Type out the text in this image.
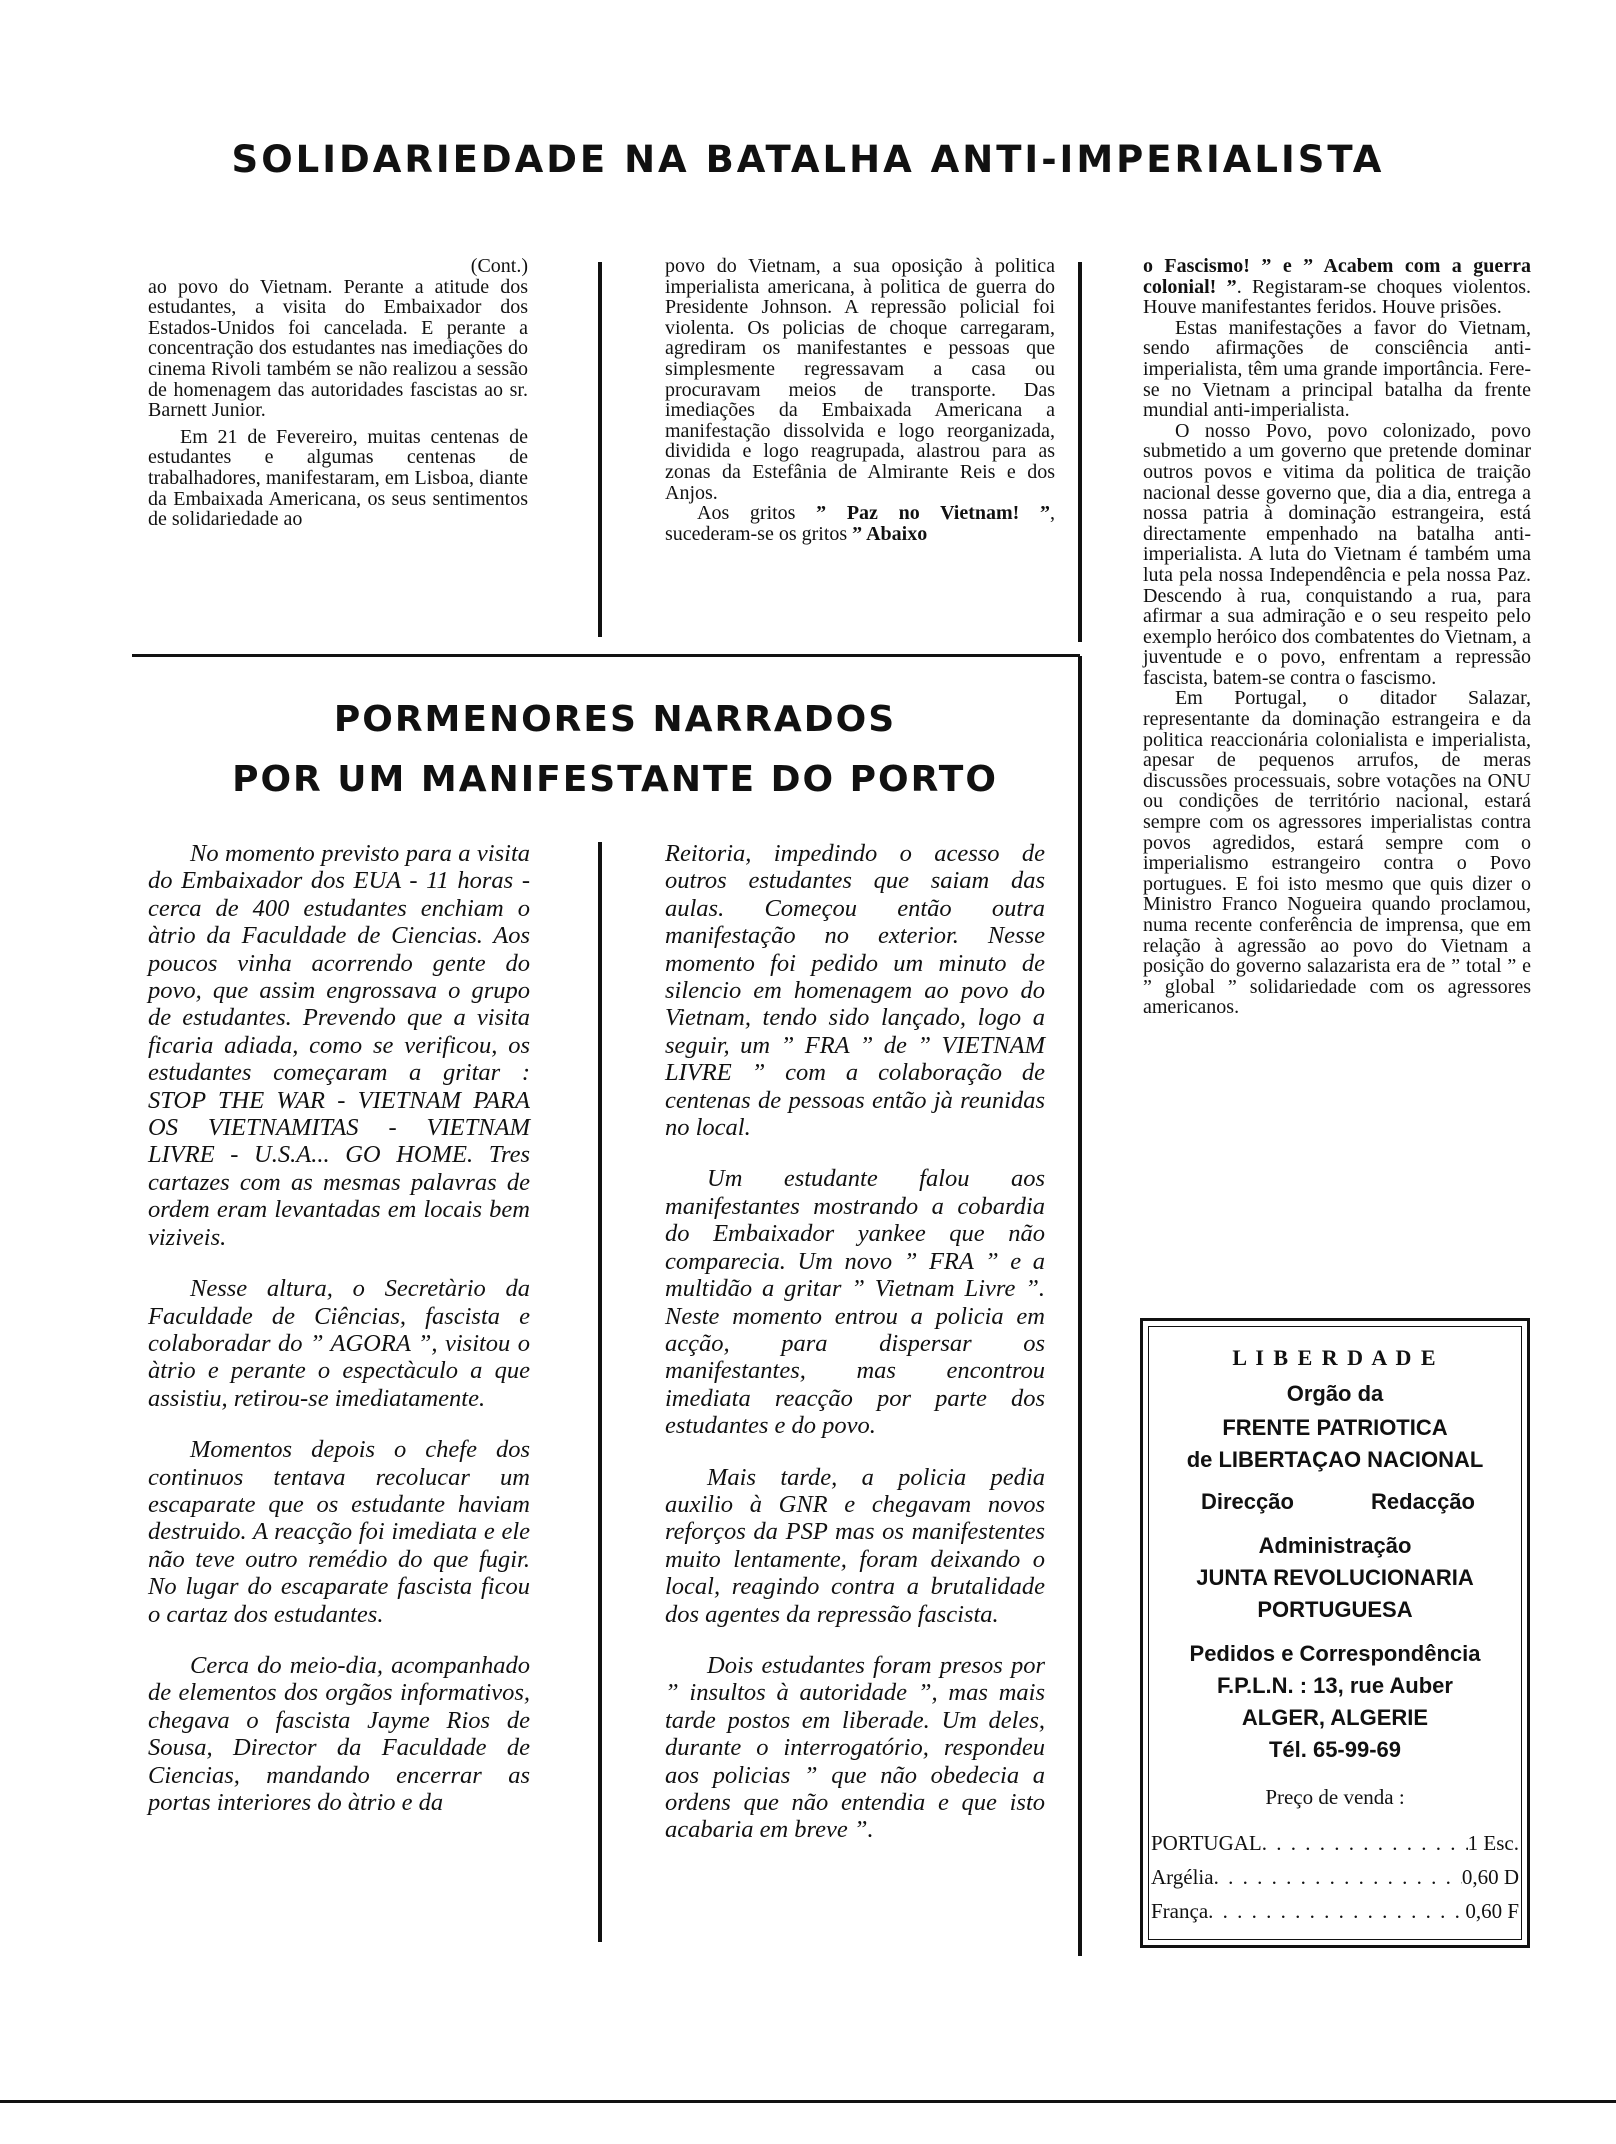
SOLIDARIEDADE NA BATALHA ANTI-IMPERIALISTA

(Cont.)

ao povo do Vietnam. Perante a atitude dos estudantes, a visita do Embaixador dos Estados-Unidos foi cancelada. E perante a concentração dos estudantes nas imediações do cinema Rivoli também se não realizou a sessão de homenagem das autoridades fascistas ao sr. Barnett Junior.

Em 21 de Fevereiro, muitas centenas de estudantes e algumas centenas de trabalhadores, manifestaram, em Lisboa, diante da Embaixada Americana, os seus sentimentos de solidariedade ao

povo do Vietnam, a sua oposição à politica imperialista americana, à politica de guerra do Presidente Johnson. A repressão policial foi violenta. Os policias de choque carregaram, agrediram os manifestantes e pessoas que simplesmente regressavam a casa ou procuravam meios de transporte. Das imediações da Embaixada Americana a manifestação dissolvida e logo reorganizada, dividida e logo reagrupada, alastrou para as zonas da Estefânia de Almirante Reis e dos Anjos.

Aos gritos ” Paz no Vietnam! ”, sucederam-se os gritos ” Abaixo

o Fascismo! ” e ” Acabem com a guerra colonial! ”. Registaram-se choques violentos. Houve manifestantes feridos. Houve prisões.

Estas manifestações a favor do Vietnam, sendo afirmações de consciência anti-imperialista, têm uma grande importância. Fere-se no Vietnam a principal batalha da frente mundial anti-imperialista.

O nosso Povo, povo colonizado, povo submetido a um governo que pretende dominar outros povos e vitima da politica de traição nacional desse governo que, dia a dia, entrega a nossa patria à dominação estrangeira, está directamente empenhado na batalha anti-imperialista. A luta do Vietnam é também uma luta pela nossa Independência e pela nossa Paz. Descendo à rua, conquistando a rua, para afirmar a sua admiração e o seu respeito pelo exemplo heróico dos combatentes do Vietnam, a juventude e o povo, enfrentam a repressão fascista, batem-se contra o fascismo.

Em Portugal, o ditador Salazar, representante da dominação estrangeira e da politica reaccionária colonialista e imperialista, apesar de pequenos arrufos, de meras discussões processuais, sobre votações na ONU ou condições de território nacional, estará sempre com os agressores imperialistas contra povos agredidos, estará sempre com o imperialismo estrangeiro contra o Povo portugues. E foi isto mesmo que quis dizer o Ministro Franco Nogueira quando proclamou, numa recente conferência de imprensa, que em relação à agressão ao povo do Vietnam a posição do governo salazarista era de ” total ” e ” global ” solidariedade com os agressores americanos.

PORMENORES NARRADOS
POR UM MANIFESTANTE DO PORTO

No momento previsto para a visita do Embaixador dos EUA - 11 horas - cerca de 400 estudantes enchiam o àtrio da Faculdade de Ciencias. Aos poucos vinha acorrendo gente do povo, que assim engrossava o grupo de estudantes. Prevendo que a visita ficaria adiada, como se verificou, os estudantes começaram a gritar : STOP THE WAR - VIETNAM PARA OS VIETNAMITAS - VIETNAM LIVRE - U.S.A... GO HOME. Tres cartazes com as mesmas palavras de ordem eram levantadas em locais bem viziveis.

Nesse altura, o Secretàrio da Faculdade de Ciências, fascista e colaboradar do ” AGORA ”, visitou o àtrio e perante o espectàculo a que assistiu, retirou-se imediatamente.

Momentos depois o chefe dos continuos tentava recolucar um escaparate que os estudante haviam destruido. A reacção foi imediata e ele não teve outro remédio do que fugir. No lugar do escaparate fascista ficou o cartaz dos estudantes.

Cerca do meio-dia, acompanhado de elementos dos orgãos informativos, chegava o fascista Jayme Rios de Sousa, Director da Faculdade de Ciencias, mandando encerrar as portas interiores do àtrio e da

Reitoria, impedindo o acesso de outros estudantes que saiam das aulas. Começou então outra manifestação no exterior. Nesse momento foi pedido um minuto de silencio em homenagem ao povo do Vietnam, tendo sido lançado, logo a seguir, um ” FRA ” de ” VIETNAM LIVRE ” com a colaboração de centenas de pessoas então jà reunidas no local.

Um estudante falou aos manifestantes mostrando a cobardia do Embaixador yankee que não comparecia. Um novo ” FRA ” e a multidão a gritar ” Vietnam Livre ”. Neste momento entrou a policia em acção, para dispersar os manifestantes, mas encontrou imediata reacção por parte dos estudantes e do povo.

Mais tarde, a policia pedia auxilio à GNR e chegavam novos reforços da PSP mas os manifestentes muito lentamente, foram deixando o local, reagindo contra a brutalidade dos agentes da repressão fascista.

Dois estudantes foram presos por ” insultos à autoridade ”, mas mais tarde postos em liberade. Um deles, durante o interrogatório, respondeu aos policias ” que não obedecia a ordens que não entendia e que isto acabaria em breve ”.

L I B E R D A D E
Orgão da
FRENTE PATRIOTICA
de LIBERTAÇAO NACIONAL
Direcção	Redacção
Administração
JUNTA REVOLUCIONARIA
PORTUGUESA
Pedidos e Correspondência
F.P.L.N. : 13, rue Auber
ALGER, ALGERIE
Tél. 65-99-69
Preço de venda :
PORTUGAL . . .	1 Esc.
Argélia . . .	0,60 D
França . . .	0,60 F
